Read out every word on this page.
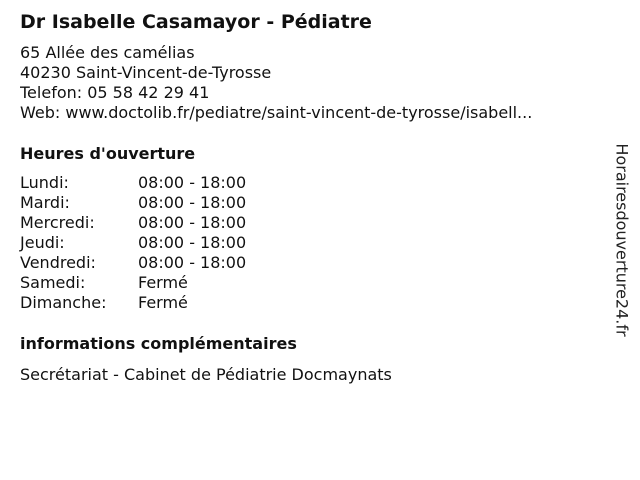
Dr Isabelle Casamayor - Pédiatre
65 Allée des camélias
40230 Saint-Vincent-de-Tyrosse
Telefon: 05 58 42 29 41
Web: www.doctolib.fr/pediatre/saint-vincent-de-tyrosse/isabell...
Heures d'ouverture
Lundi:	08:00 - 18:00
Mardi:	08:00 - 18:00
Mercredi:	08:00 - 18:00
Jeudi:	08:00 - 18:00
Vendredi:	08:00 - 18:00
Samedi:	Fermé
Dimanche:	Fermé
informations complémentaires
Secrétariat - Cabinet de Pédiatrie Docmaynats
Horairesdouverture24.fr
